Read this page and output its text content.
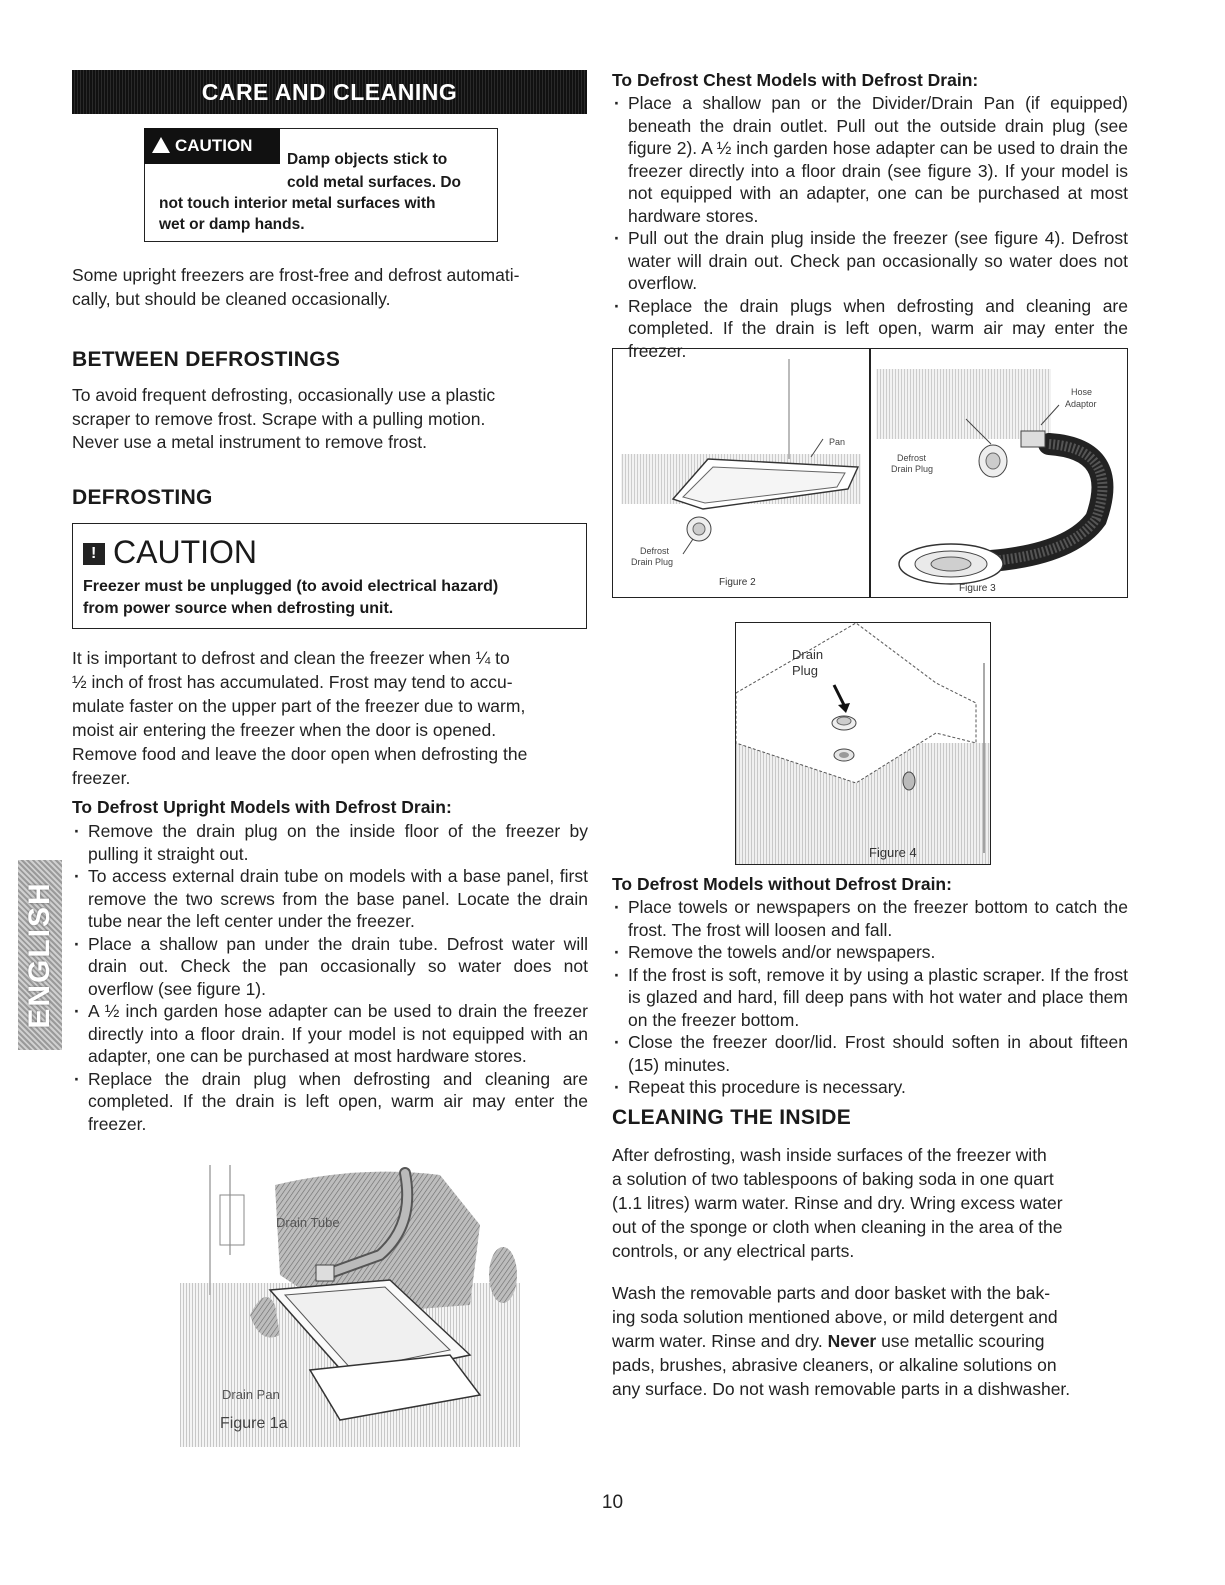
CARE AND CLEANING
CAUTION
Damp objects stick to
cold metal surfaces. Do
not touch interior metal surfaces with
wet or damp hands.
Some upright freezers are frost-free and defrost automati-
cally, but should be cleaned occasionally.
BETWEEN DEFROSTINGS
To avoid frequent defrosting, occasionally use a plastic
scraper to remove frost. Scrape with a pulling motion.
Never use a metal instrument to remove frost.
DEFROSTING
!CAUTION
Freezer must be unplugged (to avoid electrical hazard)
from power source when defrosting unit.
It is important to defrost and clean the freezer when ¼ to
½ inch of frost has accumulated. Frost may tend to accu-
mulate faster on the upper part of the freezer due to warm,
moist air entering the freezer when the door is opened.
Remove food and leave the door open when defrosting the
freezer.
To Defrost Upright Models with Defrost Drain:
· Remove the drain plug on the inside floor of the freezer by pulling it straight out.
· To access external drain tube on models with a base panel, first remove the two screws from the base panel. Locate the drain tube near the left center under the freezer.
· Place a shallow pan under the drain tube. Defrost water will drain out. Check the pan occasionally so water does not overflow (see figure 1).
· A ½ inch garden hose adapter can be used to drain the freezer directly into a floor drain. If your model is not equipped with an adapter, one can be purchased at most hardware stores.
· Replace the drain plug when defrosting and cleaning are completed. If the drain is left open, warm air may enter the freezer.
Drain Tube
Drain Pan
Figure 1a
ENGLISH
To Defrost Chest Models with Defrost Drain:
· Place a shallow pan or the Divider/Drain Pan (if equipped) beneath the drain outlet. Pull out the outside drain plug (see figure 2). A ½ inch garden hose adapter can be used to drain the freezer directly into a floor drain (see figure 3). If your model is not equipped with an adapter, one can be purchased at most hardware stores.
· Pull out the drain plug inside the freezer (see figure 4). Defrost water will drain out. Check pan occasionally so water does not overflow.
· Replace the drain plugs when defrosting and cleaning are completed. If the drain is left open, warm air may enter the freezer.
Pan
Defrost
Drain Plug
Figure 2
Hose
Adaptor
Defrost
Drain Plug
Figure 3
Drain
Plug
Figure 4
To Defrost Models without Defrost Drain:
· Place towels or newspapers on the freezer bottom to catch the frost. The frost will loosen and fall.
· Remove the towels and/or newspapers.
· If the frost is soft, remove it by using a plastic scraper. If the frost is glazed and hard, fill deep pans with hot water and place them on the freezer bottom.
· Close the freezer door/lid. Frost should soften in about fifteen (15) minutes.
· Repeat this procedure is necessary.
CLEANING THE INSIDE
After defrosting, wash inside surfaces of the freezer with
a solution of two tablespoons of baking soda in one quart
(1.1 litres) warm water. Rinse and dry. Wring excess water
out of the sponge or cloth when cleaning in the area of the
controls, or any electrical parts.
Wash the removable parts and door basket with the bak-
ing soda solution mentioned above, or mild detergent and
warm water. Rinse and dry. Never use metallic scouring
pads, brushes, abrasive cleaners, or alkaline solutions on
any surface. Do not wash removable parts in a dishwasher.
10
